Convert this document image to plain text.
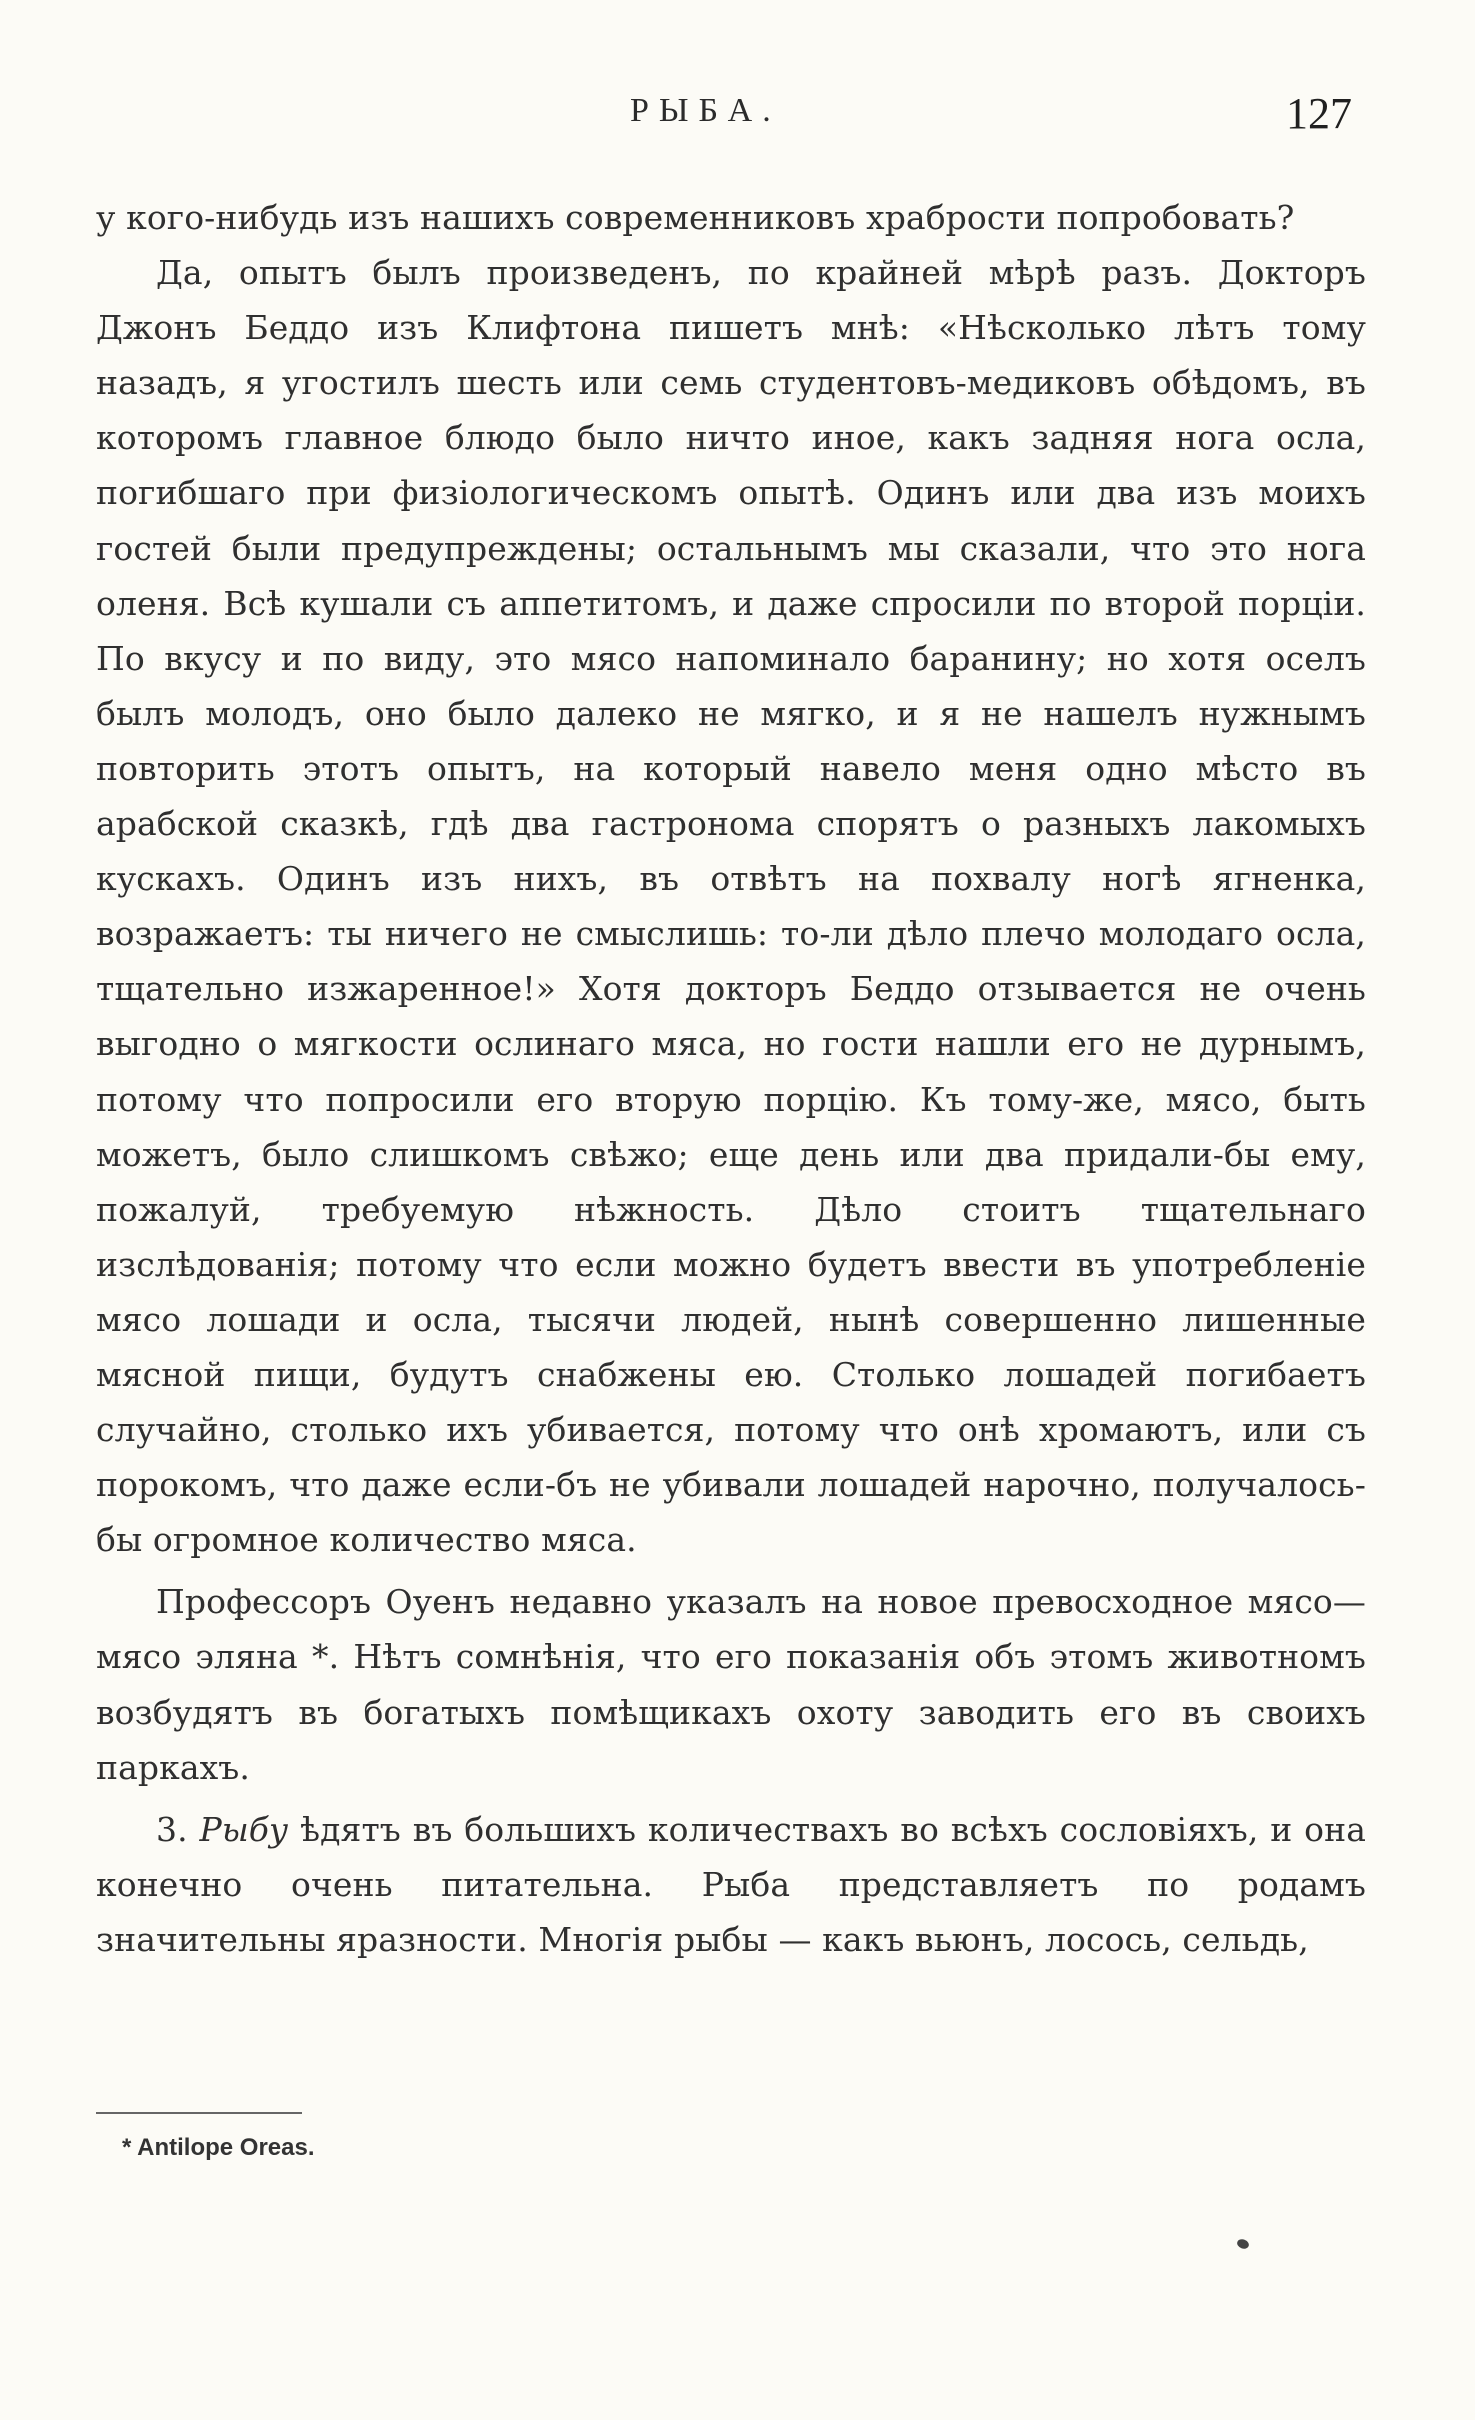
РЫБА.	127

у кого-нибудь изъ нашихъ современниковъ храбрости попробовать?

Да, опытъ былъ произведенъ, по крайней мѣрѣ разъ. Докторъ Джонъ Беддо изъ Клифтона пишетъ мнѣ: «Нѣсколько лѣтъ тому назадъ, я угостилъ шесть или семь студентовъ-медиковъ обѣдомъ, въ которомъ главное блюдо было ничто иное, какъ задняя нога осла, погибшаго при физіологическомъ опытѣ. Одинъ или два изъ моихъ гостей были предупреждены; остальнымъ мы сказали, что это нога оленя. Всѣ кушали съ аппетитомъ, и даже спросили по второй порціи. По вкусу и по виду, это мясо напоминало баранину; но хотя оселъ былъ молодъ, оно было далеко не мягко, и я не нашелъ нужнымъ повторить этотъ опытъ, на который навело меня одно мѣсто въ арабской сказкѣ, гдѣ два гастронома спорятъ о разныхъ лакомыхъ кускахъ. Одинъ изъ нихъ, въ отвѣтъ на похвалу ногѣ ягненка, возражаетъ: ты ничего не смыслишь: то-ли дѣло плечо молодаго осла, тщательно изжаренное!» Хотя докторъ Беддо отзывается не очень выгодно о мягкости ослинаго мяса, но гости нашли его не дурнымъ, потому что попросили его вторую порцію. Къ тому-же, мясо, быть можетъ, было слишкомъ свѣжо; еще день или два придали-бы ему, пожалуй, требуемую нѣжность. Дѣло стоитъ тщательнаго изслѣдованія; потому что если можно будетъ ввести въ употребленіе мясо лошади и осла, тысячи людей, нынѣ совершенно лишенные мясной пищи, будутъ снабжены ею. Столько лошадей погибаетъ случайно, столько ихъ убивается, потому что онѣ хромаютъ, или съ порокомъ, что даже если-бъ не убивали лошадей нарочно, получалось-бы огромное количество мяса.

Профессоръ Оуенъ недавно указалъ на новое превосходное мясо— мясо эляна *. Нѣтъ сомнѣнія, что его показанія объ этомъ животномъ возбудятъ въ богатыхъ помѣщикахъ охоту заводить его въ своихъ паркахъ.

3. Рыбу ѣдятъ въ большихъ количествахъ во всѣхъ сословіяхъ, и она конечно очень питательна. Рыба представляетъ по родамъ значительны яразности. Многія рыбы — какъ вьюнъ, лосось, сельдь,

* Antilope Oreas.
